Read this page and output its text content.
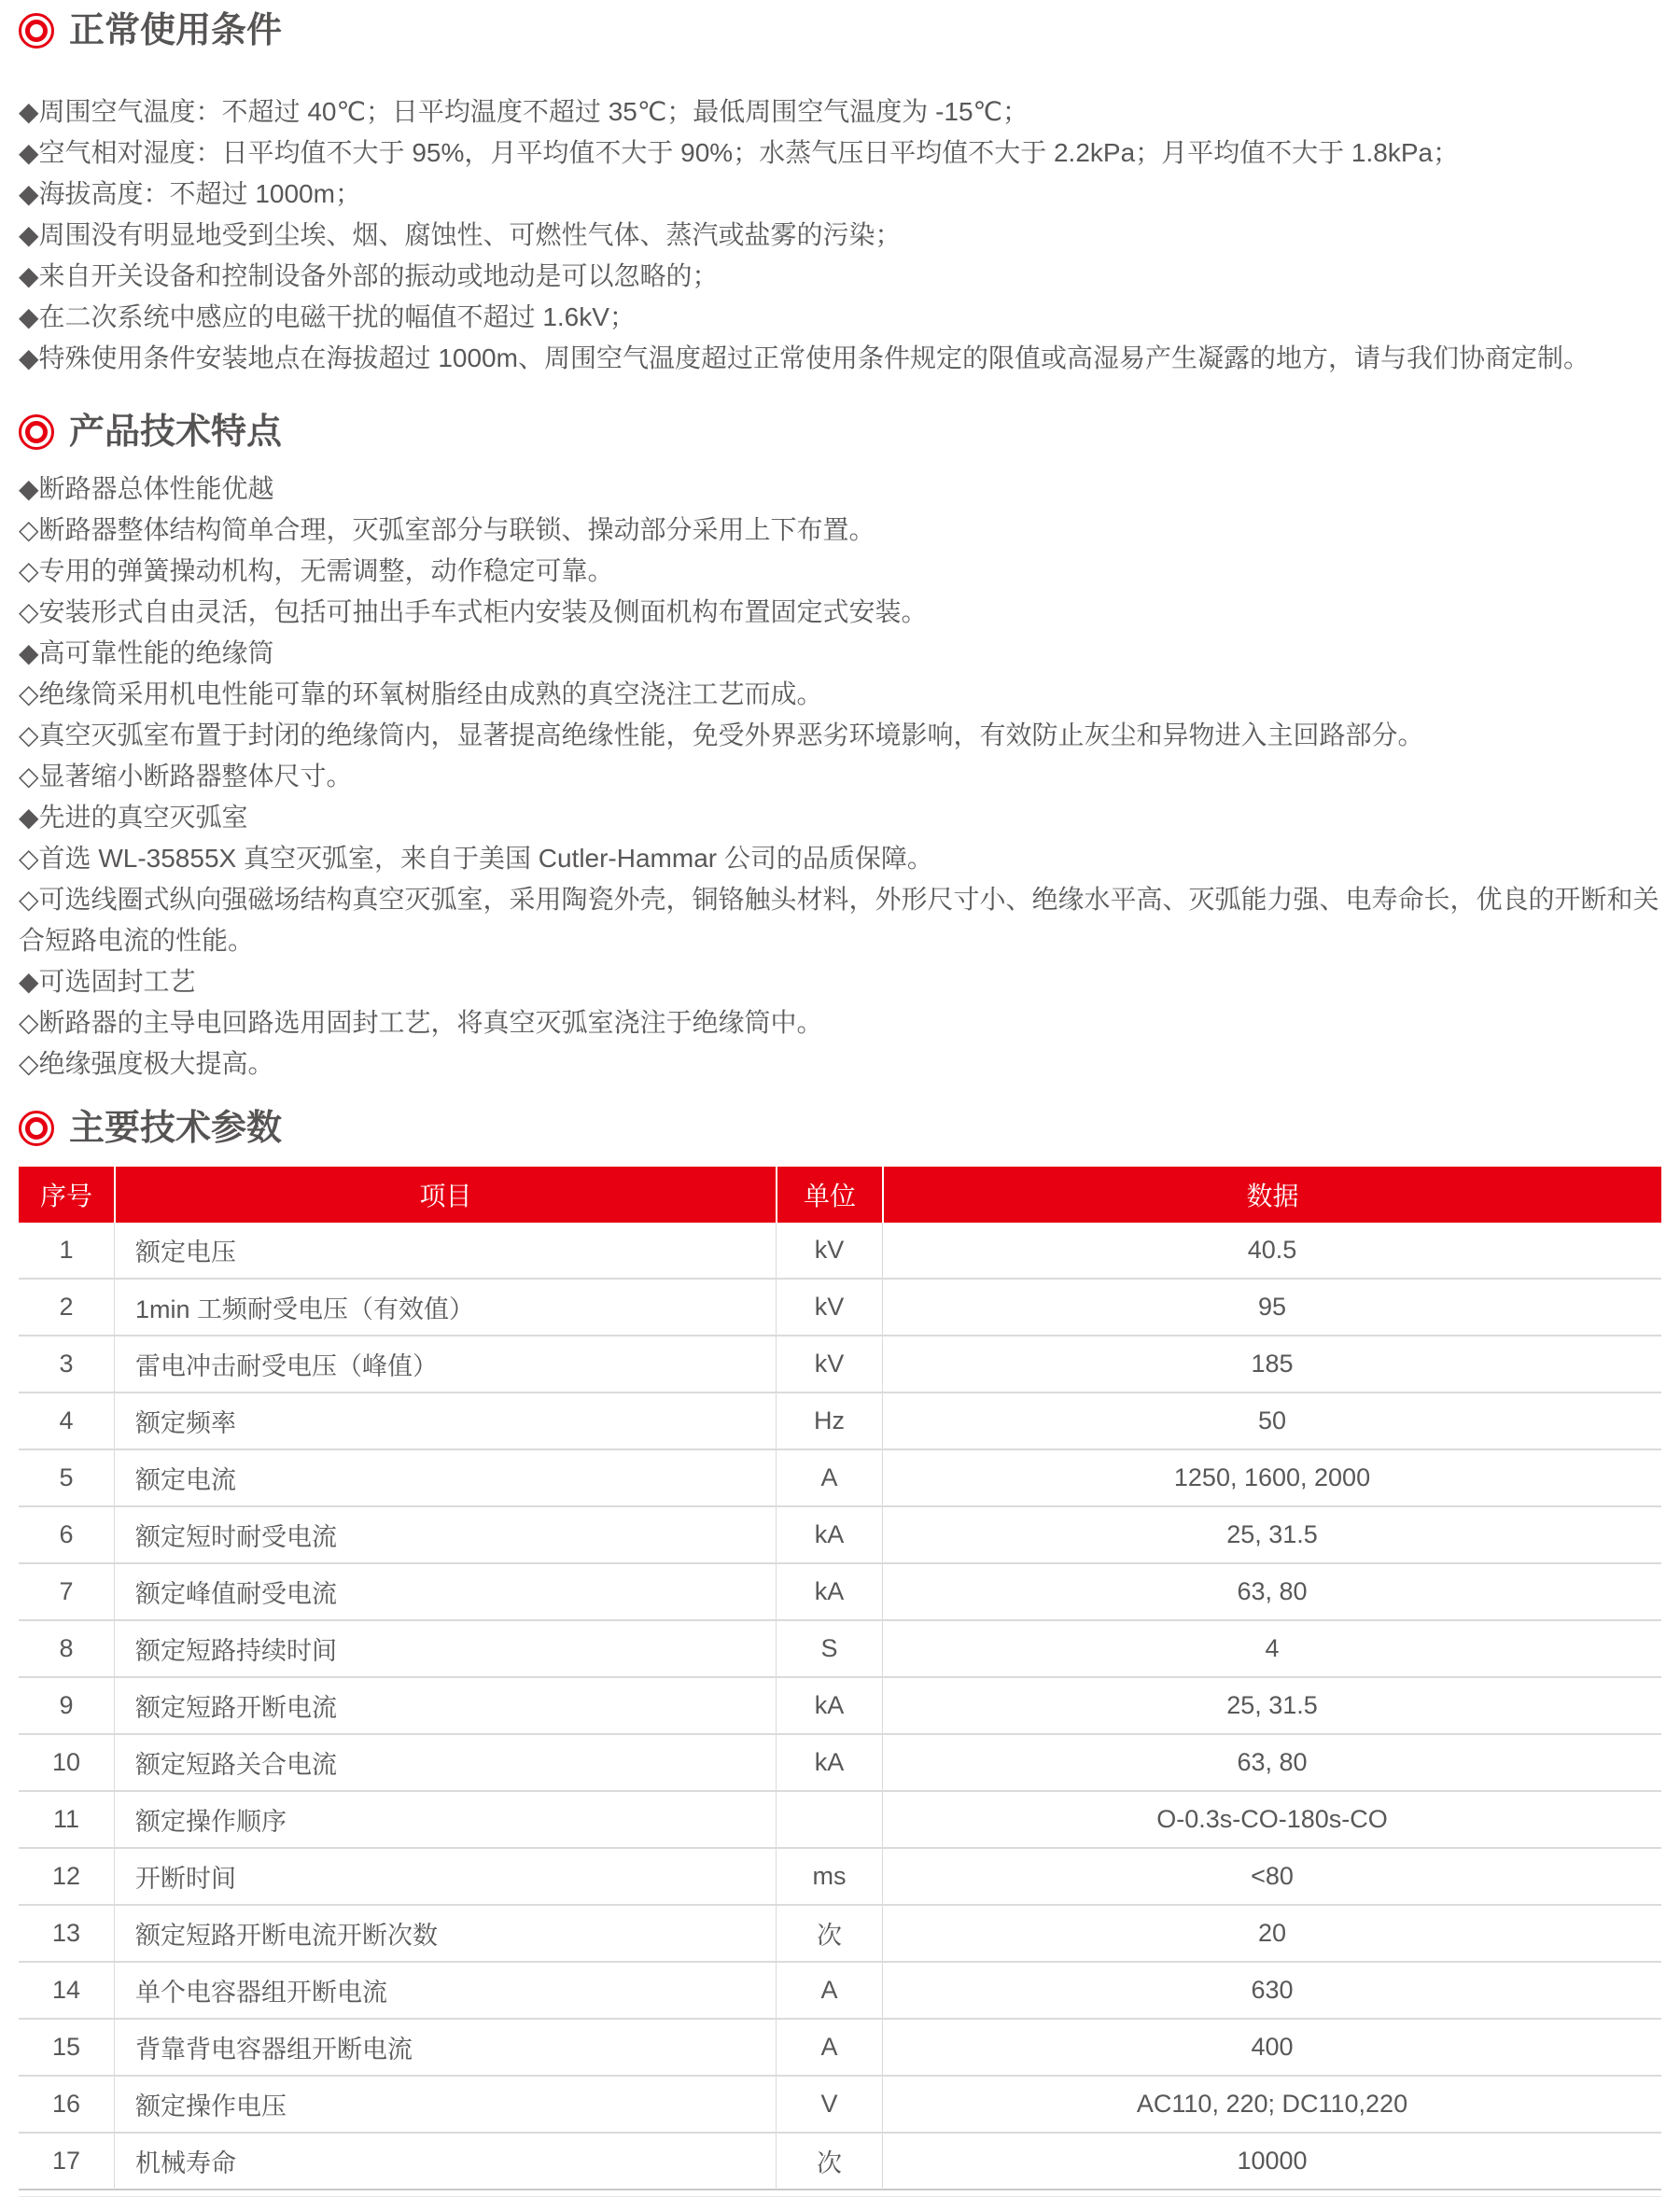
正常使用条件
◆周围空气温度：不超过 40℃；日平均温度不超过 35℃；最低周围空气温度为 -15℃；
◆空气相对湿度：日平均值不大于 95%，月平均值不大于 90%；水蒸气压日平均值不大于 2.2kPa；月平均值不大于 1.8kPa；
◆海拔高度：不超过 1000m；
◆周围没有明显地受到尘埃、烟、腐蚀性、可燃性气体、蒸汽或盐雾的污染；
◆来自开关设备和控制设备外部的振动或地动是可以忽略的；
◆在二次系统中感应的电磁干扰的幅值不超过 1.6kV；
◆特殊使用条件安装地点在海拔超过 1000m、周围空气温度超过正常使用条件规定的限值或高湿易产生凝露的地方，请与我们协商定制。
产品技术特点
◆断路器总体性能优越
◇断路器整体结构简单合理，灭弧室部分与联锁、操动部分采用上下布置。
◇专用的弹簧操动机构，无需调整，动作稳定可靠。
◇安装形式自由灵活，包括可抽出手车式柜内安装及侧面机构布置固定式安装。
◆高可靠性能的绝缘筒
◇绝缘筒采用机电性能可靠的环氧树脂经由成熟的真空浇注工艺而成。
◇真空灭弧室布置于封闭的绝缘筒内，显著提高绝缘性能，免受外界恶劣环境影响，有效防止灰尘和异物进入主回路部分。
◇显著缩小断路器整体尺寸。
◆先进的真空灭弧室
◇首选 WL-35855X 真空灭弧室，来自于美国 Cutler-Hammar 公司的品质保障。
◇可选线圈式纵向强磁场结构真空灭弧室，采用陶瓷外壳，铜铬触头材料，外形尺寸小、绝缘水平高、灭弧能力强、电寿命长，优良的开断和关合短路电流的性能。
◆可选固封工艺
◇断路器的主导电回路选用固封工艺，将真空灭弧室浇注于绝缘筒中。
◇绝缘强度极大提高。
主要技术参数
序号	项目	单位	数据
1	额定电压	kV	40.5
2	1min 工频耐受电压（有效值）	kV	95
3	雷电冲击耐受电压（峰值）	kV	185
4	额定频率	Hz	50
5	额定电流	A	1250, 1600, 2000
6	额定短时耐受电流	kA	25, 31.5
7	额定峰值耐受电流	kA	63, 80
8	额定短路持续时间	S	4
9	额定短路开断电流	kA	25, 31.5
10	额定短路关合电流	kA	63, 80
11	额定操作顺序		O-0.3s-CO-180s-CO
12	开断时间	ms	<80
13	额定短路开断电流开断次数	次	20
14	单个电容器组开断电流	A	630
15	背靠背电容器组开断电流	A	400
16	额定操作电压	V	AC110, 220; DC110,220
17	机械寿命	次	10000
